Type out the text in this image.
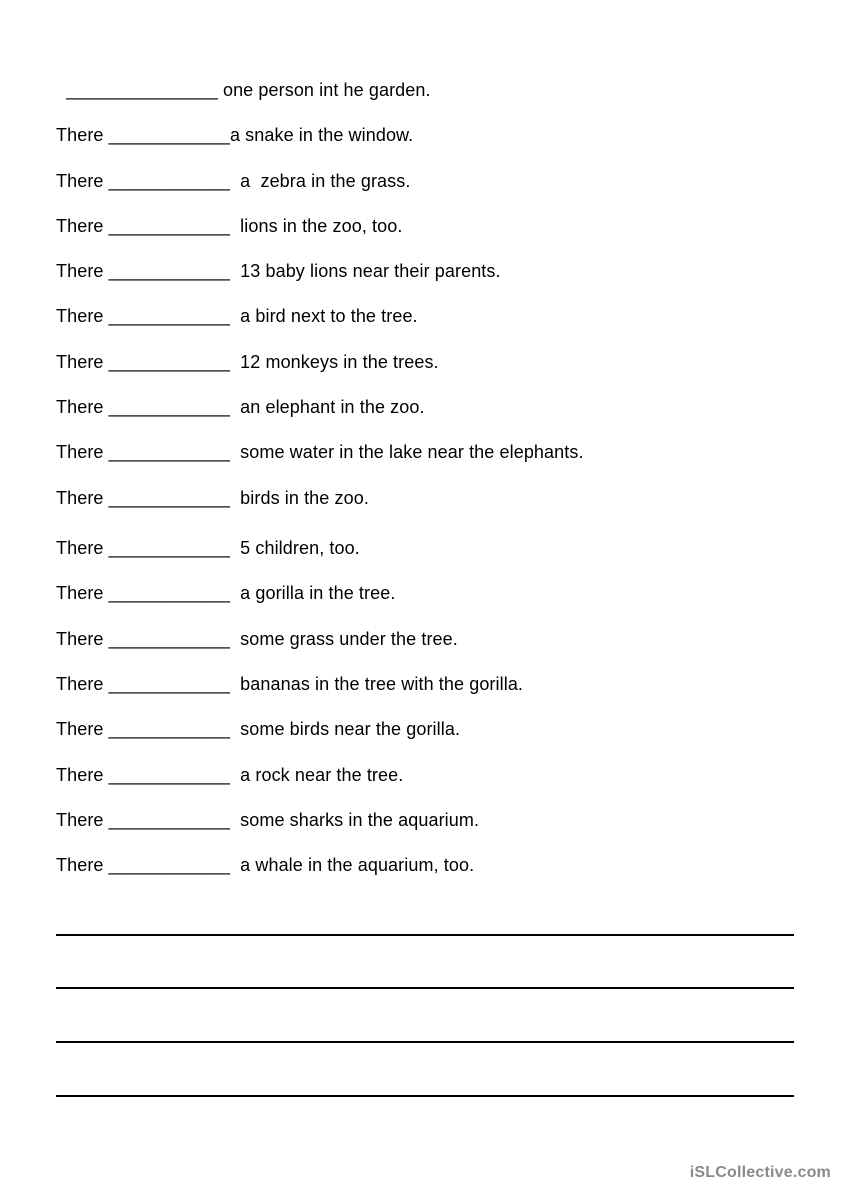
_______________ one person int he garden.
There ____________a snake in the window.
There ____________  a  zebra in the grass.
There ____________  lions in the zoo, too.
There ____________  13 baby lions near their parents.
There ____________  a bird next to the tree.
There ____________  12 monkeys in the trees.
There ____________  an elephant in the zoo.
There ____________  some water in the lake near the elephants.
There ____________  birds in the zoo.
There ____________  5 children, too.
There ____________  a gorilla in the tree.
There ____________  some grass under the tree.
There ____________  bananas in the tree with the gorilla.
There ____________  some birds near the gorilla.
There ____________  a rock near the tree.
There ____________  some sharks in the aquarium.
There ____________  a whale in the aquarium, too.
iSLCollective.com
